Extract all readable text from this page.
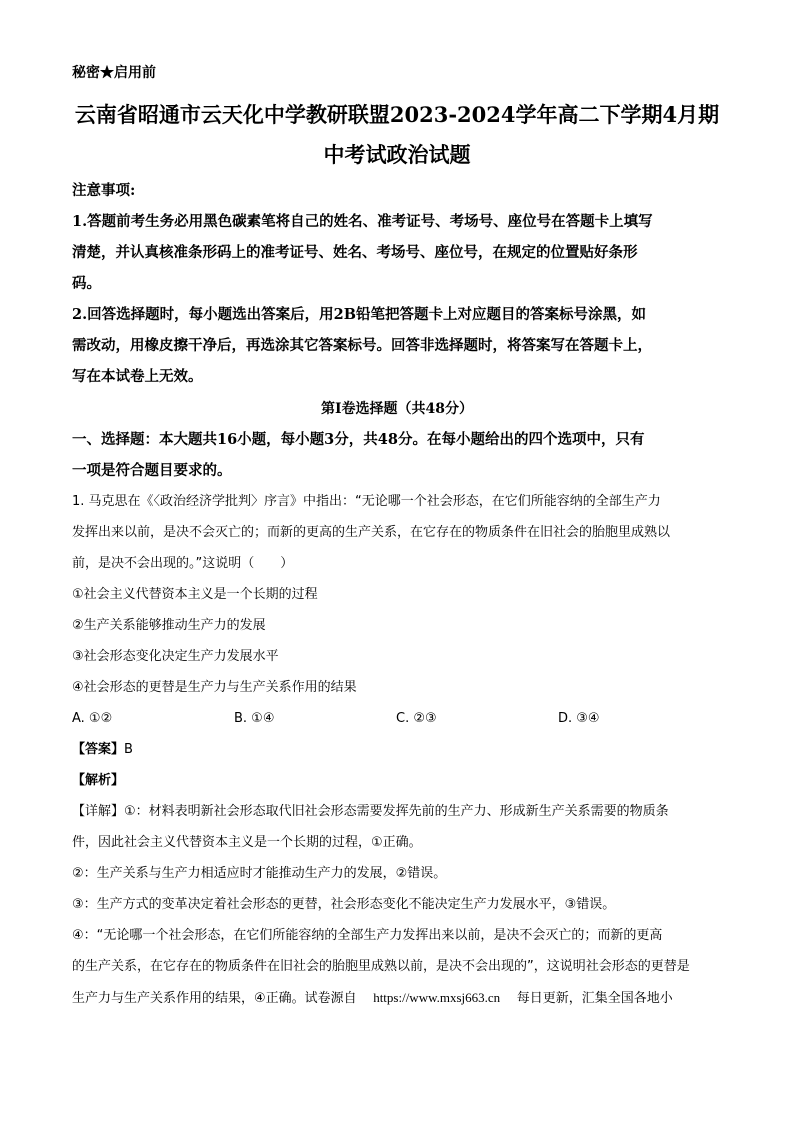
秘密★启用前

云南省昭通市云天化中学教研联盟2023-2024学年高二下学期4月期
中考试政治试题

注意事项:

1.答题前考生务必用黑色碳素笔将自己的姓名、准考证号、考场号、座位号在答题卡上填写

清楚，并认真核准条形码上的准考证号、姓名、考场号、座位号，在规定的位置贴好条形

码。

2.回答选择题时，每小题选出答案后，用2B铅笔把答题卡上对应题目的答案标号涂黑，如

需改动，用橡皮擦干净后，再选涂其它答案标号。回答非选择题时，将答案写在答题卡上，

写在本试卷上无效。

第Ⅰ卷选择题（共48分）

一、选择题：本大题共16小题，每小题3分，共48分。在每小题给出的四个选项中，只有

一项是符合题目要求的。

1. 马克思在《〈政治经济学批判〉序言》中指出：“无论哪一个社会形态，在它们所能容纳的全部生产力

发挥出来以前，是决不会灭亡的；而新的更高的生产关系，在它存在的物质条件在旧社会的胎胞里成熟以

前，是决不会出现的。”这说明（　　）

①社会主义代替资本主义是一个长期的过程

②生产关系能够推动生产力的发展

③社会形态变化决定生产力发展水平

④社会形态的更替是生产力与生产关系作用的结果

A. ①②	B. ①④	C. ②③	D. ③④

【答案】B

【解析】

【详解】①：材料表明新社会形态取代旧社会形态需要发挥先前的生产力、形成新生产关系需要的物质条

件，因此社会主义代替资本主义是一个长期的过程，①正确。

②：生产关系与生产力相适应时才能推动生产力的发展，②错误。

③：生产方式的变革决定着社会形态的更替，社会形态变化不能决定生产力发展水平，③错误。

④：“无论哪一个社会形态，在它们所能容纳的全部生产力发挥出来以前，是决不会灭亡的；而新的更高

的生产关系，在它存在的物质条件在旧社会的胎胞里成熟以前，是决不会出现的”，这说明社会形态的更替是

生产力与生产关系作用的结果，④正确。试卷源自 https://www.mxsj663.cn 每日更新，汇集全国各地小
